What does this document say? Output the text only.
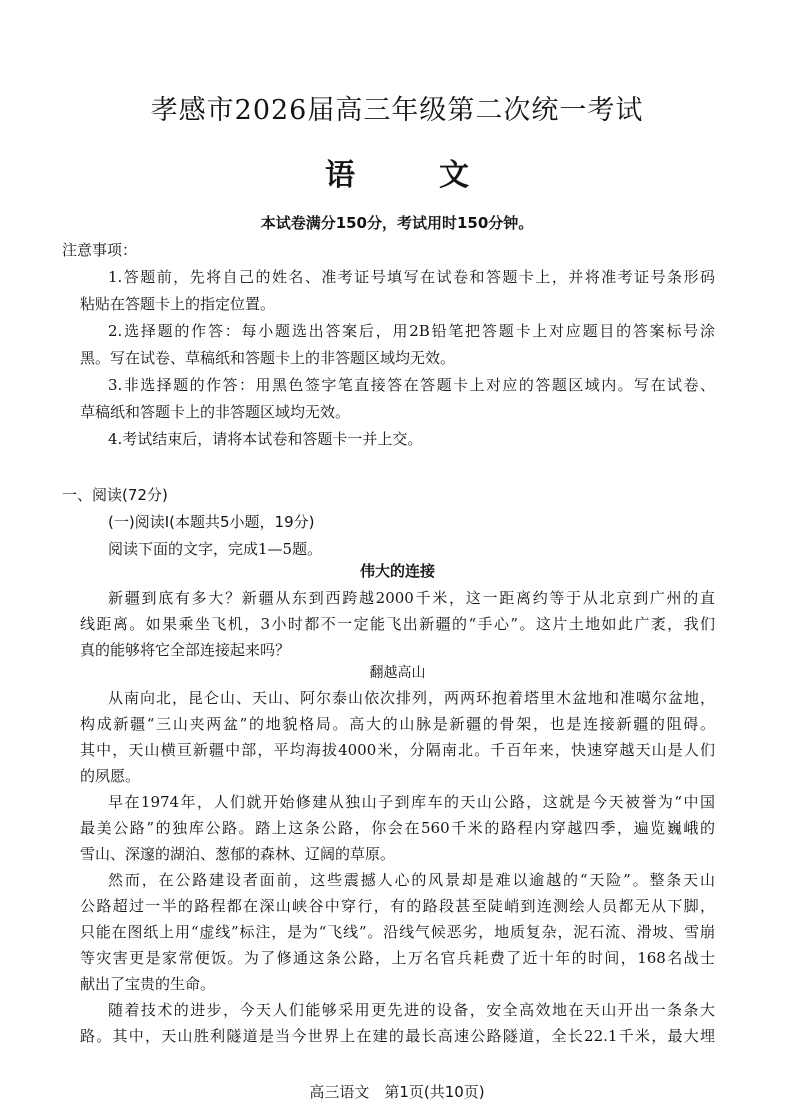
孝感市2026届高三年级第二次统一考试
语	文
本试卷满分150分，考试用时150分钟。
注意事项：
1.答题前，先将自己的姓名、准考证号填写在试卷和答题卡上，并将准考证号条形码
粘贴在答题卡上的指定位置。
2.选择题的作答：每小题选出答案后，用2B铅笔把答题卡上对应题目的答案标号涂
黑。写在试卷、草稿纸和答题卡上的非答题区域均无效。
3.非选择题的作答：用黑色签字笔直接答在答题卡上对应的答题区域内。写在试卷、
草稿纸和答题卡上的非答题区域均无效。
4.考试结束后，请将本试卷和答题卡一并上交。
一、阅读(72分)
(一)阅读Ⅰ(本题共5小题，19分)
阅读下面的文字，完成1—5题。
伟大的连接
新疆到底有多大？新疆从东到西跨越2000千米，这一距离约等于从北京到广州的直
线距离。如果乘坐飞机，3小时都不一定能飞出新疆的“手心”。这片土地如此广袤，我们
真的能够将它全部连接起来吗？
翻越高山
从南向北，昆仑山、天山、阿尔泰山依次排列，两两环抱着塔里木盆地和准噶尔盆地，
构成新疆“三山夹两盆”的地貌格局。高大的山脉是新疆的骨架，也是连接新疆的阻碍。
其中，天山横亘新疆中部，平均海拔4000米，分隔南北。千百年来，快速穿越天山是人们
的夙愿。
早在1974年，人们就开始修建从独山子到库车的天山公路，这就是今天被誉为“中国
最美公路”的独库公路。踏上这条公路，你会在560千米的路程内穿越四季，遍览巍峨的
雪山、深邃的湖泊、葱郁的森林、辽阔的草原。
然而，在公路建设者面前，这些震撼人心的风景却是难以逾越的“天险”。整条天山
公路超过一半的路程都在深山峡谷中穿行，有的路段甚至陡峭到连测绘人员都无从下脚，
只能在图纸上用“虚线”标注，是为“飞线”。沿线气候恶劣，地质复杂，泥石流、滑坡、雪崩
等灾害更是家常便饭。为了修通这条公路，上万名官兵耗费了近十年的时间，168名战士
献出了宝贵的生命。
随着技术的进步，今天人们能够采用更先进的设备，安全高效地在天山开出一条条大
路。其中，天山胜利隧道是当今世界上在建的最长高速公路隧道，全长22.1千米，最大埋
高三语文　第1页(共10页)
